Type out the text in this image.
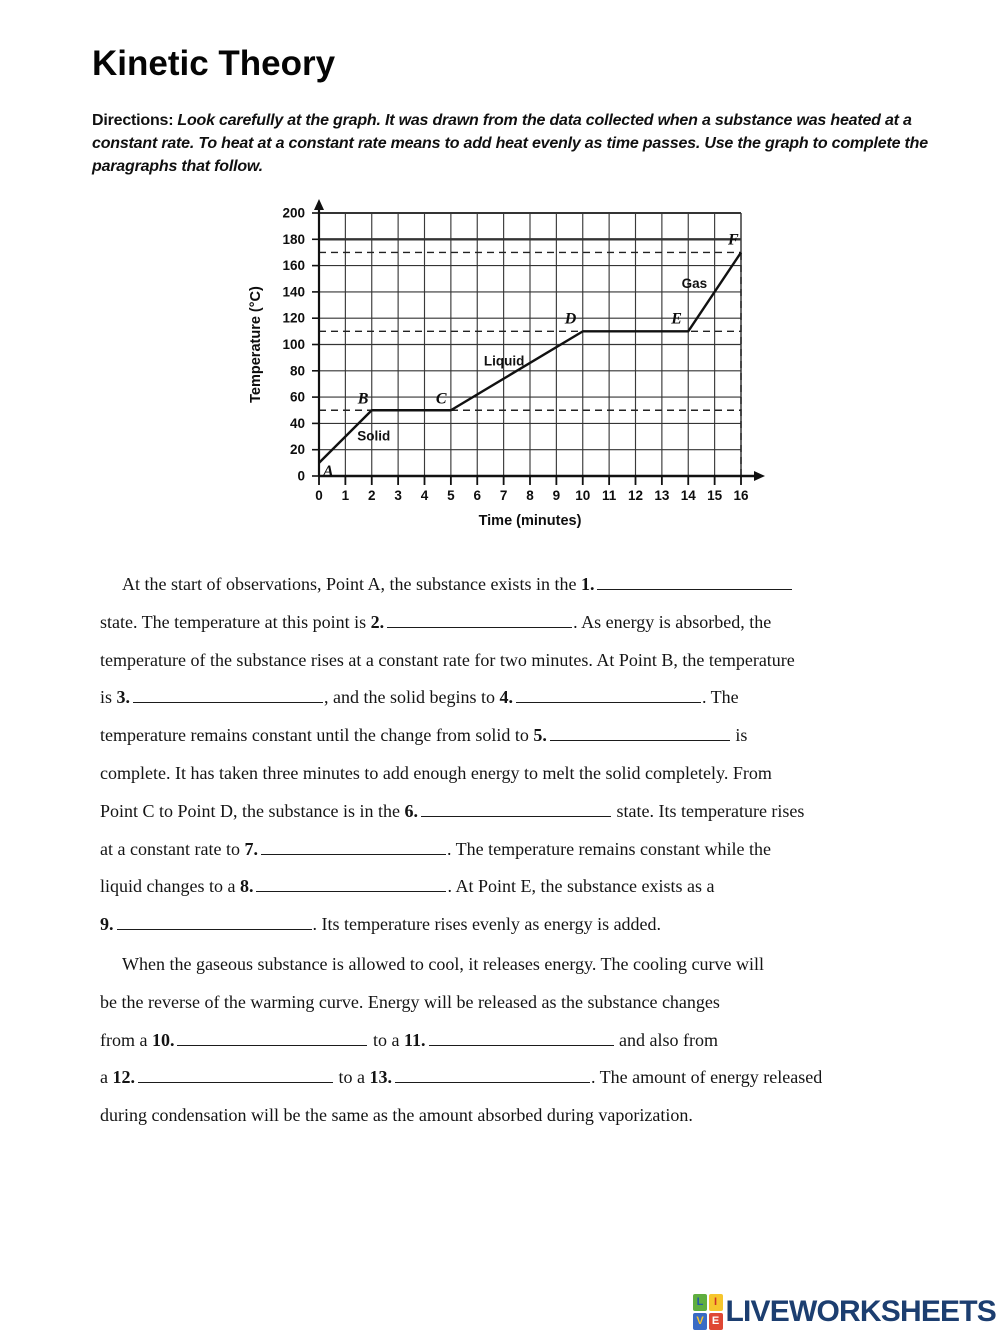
Kinetic Theory
Directions: Look carefully at the graph. It was drawn from the data collected when a substance was heated at a
constant rate. To heat at a constant rate means to add heat evenly as time passes. Use the graph to complete the
paragraphs that follow.
0 1 2 3 4 5 6 7 8 9 10 11 12 13 14 15 16
0
20
40
60
80
100
120
140
160
180
200
Temperature (°C)
Time (minutes)
A
B	C
D	E
F
Solid
Liquid
Gas
At the start of observations, Point A, the substance exists in the 1.
state. The temperature at this point is 2.	. As energy is absorbed, the
temperature of the substance rises at a constant rate for two minutes. At Point B, the temperature
is 3.	, and the solid begins to 4.	. The
temperature remains constant until the change from solid to 5.	is
complete. It has taken three minutes to add enough energy to melt the solid completely. From
Point C to Point D, the substance is in the 6.	state. Its temperature rises
at a constant rate to 7.	. The temperature remains constant while the
liquid changes to a 8.	. At Point E, the substance exists as a
9.	. Its temperature rises evenly as energy is added.
When the gaseous substance is allowed to cool, it releases energy. The cooling curve will
be the reverse of the warming curve. Energy will be released as the substance changes
from a 10.	to a 11.	and also from
a 12.	to a 13.	. The amount of energy released
during condensation will be the same as the amount absorbed during vaporization.
L I
V E LIVEWORKSHEETS
